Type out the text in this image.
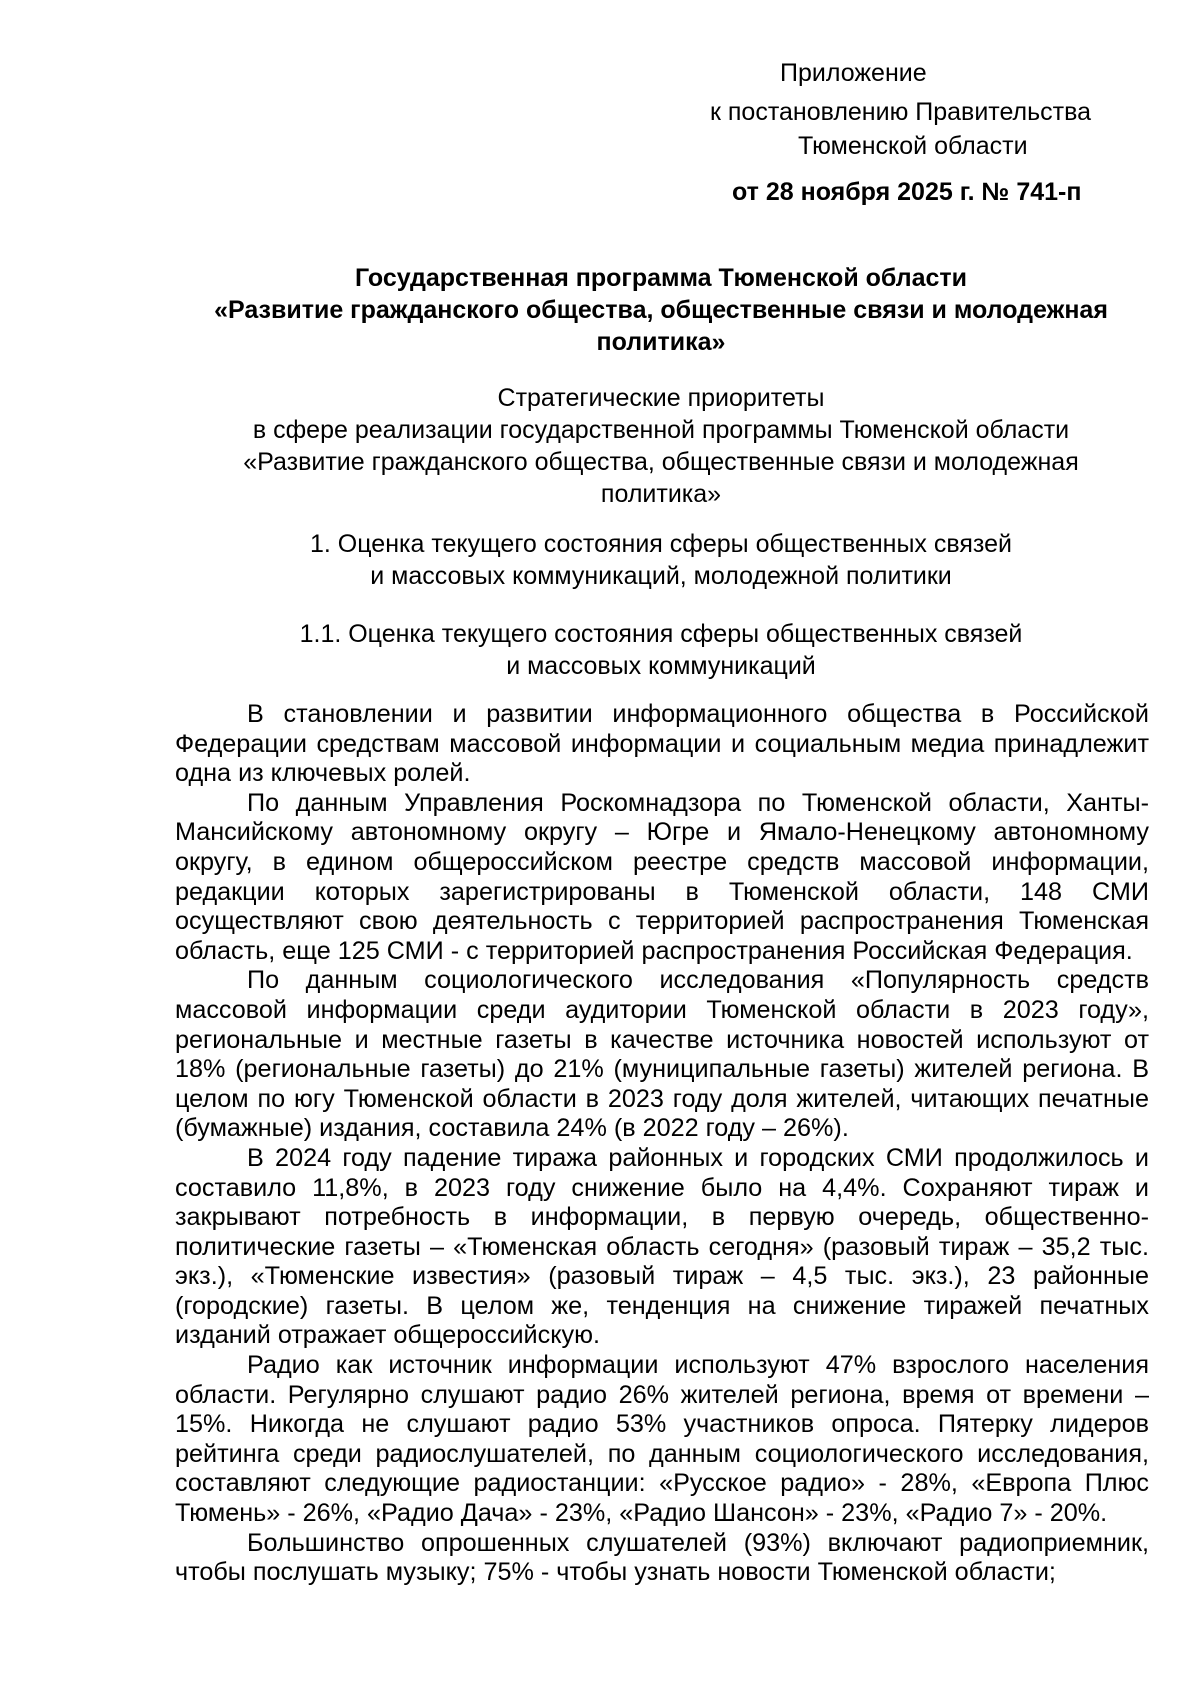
Приложение
к постановлению Правительства
Тюменской области
от 28 ноября 2025 г. № 741-п
Государственная программа Тюменской области
«Развитие гражданского общества, общественные связи и молодежная
политика»
Стратегические приоритеты
в сфере реализации государственной программы Тюменской области
«Развитие гражданского общества, общественные связи и молодежная
политика»
1. Оценка текущего состояния сферы общественных связей
и массовых коммуникаций, молодежной политики
1.1. Оценка текущего состояния сферы общественных связей
и массовых коммуникаций

В становлении и развитии информационного общества в Российской Федерации средствам массовой информации и социальным медиа принадлежит одна из ключевых ролей.

По данным Управления Роскомнадзора по Тюменской области, Ханты-Мансийскому автономному округу – Югре и Ямало-Ненецкому автономному округу, в едином общероссийском реестре средств массовой информации, редакции которых зарегистрированы в Тюменской области, 148 СМИ осуществляют свою деятельность с территорией распространения Тюменская область, еще 125 СМИ - с территорией распространения Российская Федерация.

По данным социологического исследования «Популярность средств массовой информации среди аудитории Тюменской области в 2023 году», региональные и местные газеты в качестве источника новостей используют от 18% (региональные газеты) до 21% (муниципальные газеты) жителей региона. В целом по югу Тюменской области в 2023 году доля жителей, читающих печатные (бумажные) издания, составила 24% (в 2022 году – 26%).

В 2024 году падение тиража районных и городских СМИ продолжилось и составило 11,8%, в 2023 году снижение было на 4,4%. Сохраняют тираж и закрывают потребность в информации, в первую очередь, общественно-политические газеты – «Тюменская область сегодня» (разовый тираж – 35,2 тыс. экз.), «Тюменские известия» (разовый тираж – 4,5 тыс. экз.), 23 районные (городские) газеты. В целом же, тенденция на снижение тиражей печатных изданий отражает общероссийскую.

Радио как источник информации используют 47% взрослого населения области. Регулярно слушают радио 26% жителей региона, время от времени – 15%. Никогда не слушают радио 53% участников опроса. Пятерку лидеров рейтинга среди радиослушателей, по данным социологического исследования, составляют следующие радиостанции: «Русское радио» - 28%, «Европа Плюс Тюмень» - 26%, «Радио Дача» - 23%, «Радио Шансон» - 23%, «Радио 7» - 20%.

Большинство опрошенных слушателей (93%) включают радиоприемник, чтобы послушать музыку; 75% - чтобы узнать новости Тюменской области;
